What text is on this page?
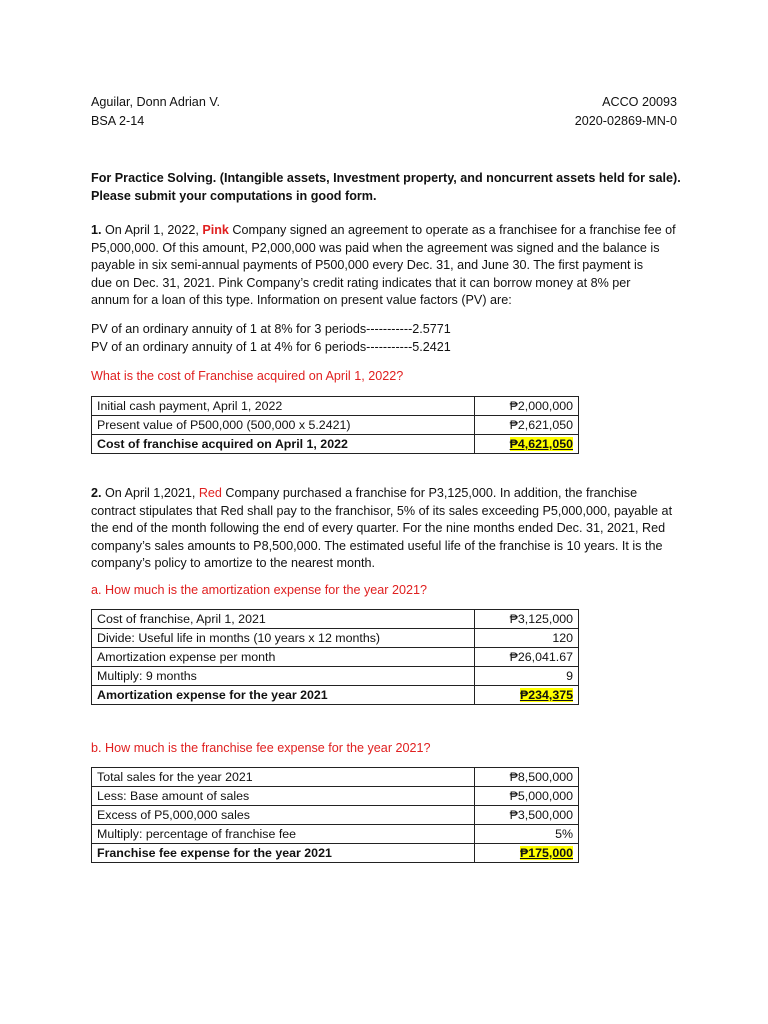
Aguilar, Donn Adrian V.	ACCO 20093
BSA 2-14	2020-02869-MN-0
For Practice Solving. (Intangible assets, Investment property, and noncurrent assets held for sale).
Please submit your computations in good form.
1. On April 1, 2022, Pink Company signed an agreement to operate as a franchisee for a franchise fee of
P5,000,000. Of this amount, P2,000,000 was paid when the agreement was signed and the balance is
payable in six semi-annual payments of P500,000 every Dec. 31, and June 30. The first payment is
due on Dec. 31, 2021. Pink Company’s credit rating indicates that it can borrow money at 8% per
annum for a loan of this type. Information on present value factors (PV) are:
PV of an ordinary annuity of 1 at 8% for 3 periods-----------2.5771
PV of an ordinary annuity of 1 at 4% for 6 periods-----------5.2421
What is the cost of Franchise acquired on April 1, 2022?
Initial cash payment, April 1, 2022	₱2,000,000
Present value of P500,000 (500,000 x 5.2421)	₱2,621,050
Cost of franchise acquired on April 1, 2022	₱4,621,050
2. On April 1,2021, Red Company purchased a franchise for P3,125,000. In addition, the franchise
contract stipulates that Red shall pay to the franchisor, 5% of its sales exceeding P5,000,000, payable at
the end of the month following the end of every quarter. For the nine months ended Dec. 31, 2021, Red
company’s sales amounts to P8,500,000. The estimated useful life of the franchise is 10 years. It is the
company’s policy to amortize to the nearest month.
a. How much is the amortization expense for the year 2021?
Cost of franchise, April 1, 2021	₱3,125,000
Divide: Useful life in months (10 years x 12 months)	120
Amortization expense per month	₱26,041.67
Multiply: 9 months	9
Amortization expense for the year 2021	₱234,375
b. How much is the franchise fee expense for the year 2021?
Total sales for the year 2021	₱8,500,000
Less: Base amount of sales	₱5,000,000
Excess of P5,000,000 sales	₱3,500,000
Multiply: percentage of franchise fee	5%
Franchise fee expense for the year 2021	₱175,000
